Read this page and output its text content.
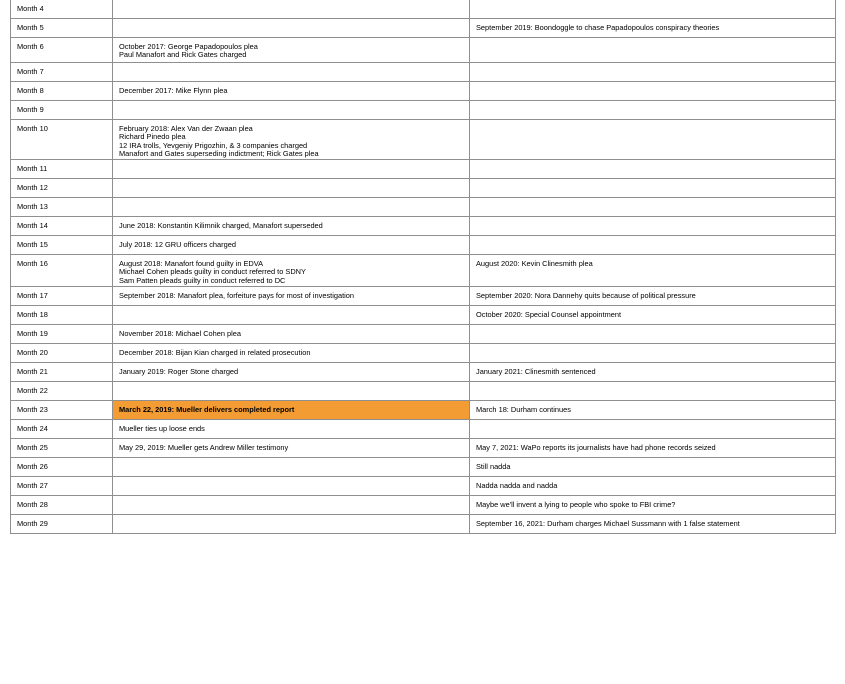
Month 4		
Month 5		September 2019: Boondoggle to chase Papadopoulos conspiracy theories

Month 6	October 2017: George Papadopoulos plea
Paul Manafort and Rick Gates charged	

Month 7		
Month 8	December 2017: Mike Flynn plea	

Month 9		
Month 10	February 2018: Alex Van der Zwaan plea
Richard Pinedo plea
12 IRA trolls, Yevgeniy Prigozhin, & 3 companies charged
Manafort and Gates superseding indictment; Rick Gates plea	

Month 11		
Month 12		
Month 13		
Month 14	June 2018: Konstantin Kilimnik charged, Manafort superseded	

Month 15	July 2018: 12 GRU officers charged	

Month 16	August 2018: Manafort found guilty in EDVA
Michael Cohen pleads guilty in conduct referred to SDNY
Sam Patten pleads guilty in conduct referred to DC	August 2020: Kevin Clinesmith plea

Month 17	September 2018: Manafort plea, forfeiture pays for most of investigation	September 2020: Nora Dannehy quits because of political pressure

Month 18		October 2020: Special Counsel appointment

Month 19	November 2018: Michael Cohen plea	

Month 20	December 2018: Bijan Kian charged in related prosecution	

Month 21	January 2019: Roger Stone charged	January 2021: Clinesmith sentenced

Month 22		
Month 23	March 22, 2019: Mueller delivers completed report	March 18: Durham continues

Month 24	Mueller ties up loose ends	

Month 25	May 29, 2019: Mueller gets Andrew Miller testimony	May 7, 2021: WaPo reports its journalists have had phone records seized

Month 26		Still nadda

Month 27		Nadda nadda and nadda

Month 28		Maybe we'll invent a lying to people who spoke to FBI crime?

Month 29		September 16, 2021: Durham charges Michael Sussmann with 1 false statement
